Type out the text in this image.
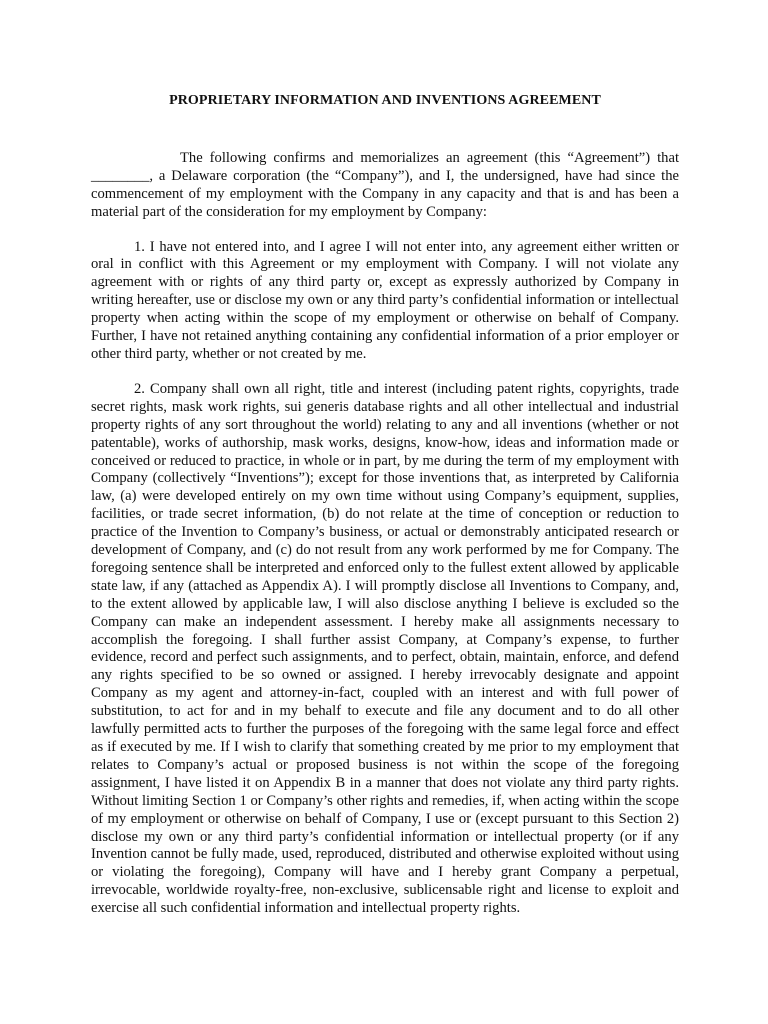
PROPRIETARY INFORMATION AND INVENTIONS AGREEMENT

The following confirms and memorializes an agreement (this “Agreement”) that ________, a Delaware corporation (the “Company”), and I, the undersigned, have had since the commencement of my employment with the Company in any capacity and that is and has been a material part of the consideration for my employment by Company:

1. I have not entered into, and I agree I will not enter into, any agreement either written or oral in conflict with this Agreement or my employment with Company. I will not violate any agreement with or rights of any third party or, except as expressly authorized by Company in writing hereafter, use or disclose my own or any third party’s confidential information or intellectual property when acting within the scope of my employment or otherwise on behalf of Company. Further, I have not retained anything containing any confidential information of a prior employer or other third party, whether or not created by me.

2. Company shall own all right, title and interest (including patent rights, copyrights, trade secret rights, mask work rights, sui generis database rights and all other intellectual and industrial property rights of any sort throughout the world) relating to any and all inventions (whether or not patentable), works of authorship, mask works, designs, know-how, ideas and information made or conceived or reduced to practice, in whole or in part, by me during the term of my employment with Company (collectively “Inventions”); except for those inventions that, as interpreted by California law, (a) were developed entirely on my own time without using Company’s equipment, supplies, facilities, or trade secret information, (b) do not relate at the time of conception or reduction to practice of the Invention to Company’s business, or actual or demonstrably anticipated research or development of Company, and (c) do not result from any work performed by me for Company. The foregoing sentence shall be interpreted and enforced only to the fullest extent allowed by applicable state law, if any (attached as Appendix A). I will promptly disclose all Inventions to Company, and, to the extent allowed by applicable law, I will also disclose anything I believe is excluded so the Company can make an independent assessment. I hereby make all assignments necessary to accomplish the foregoing. I shall further assist Company, at Company’s expense, to further evidence, record and perfect such assignments, and to perfect, obtain, maintain, enforce, and defend any rights specified to be so owned or assigned. I hereby irrevocably designate and appoint Company as my agent and attorney-in-fact, coupled with an interest and with full power of substitution, to act for and in my behalf to execute and file any document and to do all other lawfully permitted acts to further the purposes of the foregoing with the same legal force and effect as if executed by me. If I wish to clarify that something created by me prior to my employment that relates to Company’s actual or proposed business is not within the scope of the foregoing assignment, I have listed it on Appendix B in a manner that does not violate any third party rights. Without limiting Section 1 or Company’s other rights and remedies, if, when acting within the scope of my employment or otherwise on behalf of Company, I use or (except pursuant to this Section 2) disclose my own or any third party’s confidential information or intellectual property (or if any Invention cannot be fully made, used, reproduced, distributed and otherwise exploited without using or violating the foregoing), Company will have and I hereby grant Company a perpetual, irrevocable, worldwide royalty-free, non-exclusive, sublicensable right and license to exploit and exercise all such confidential information and intellectual property rights.
